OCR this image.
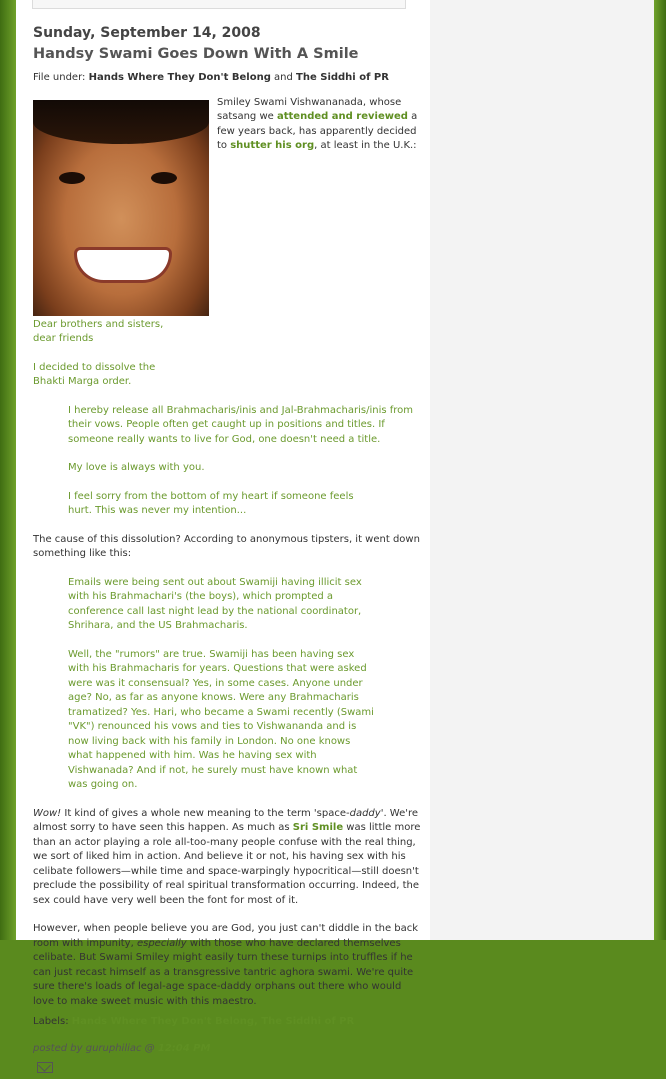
Sunday, September 14, 2008
Handsy Swami Goes Down With A Smile
File under: Hands Where They Don't Belong and The Siddhi of PR

Smiley Swami Vishwananada, whose satsang we attended and reviewed a few years back, has apparently decided to shutter his org, at least in the U.K.:

Dear brothers and sisters, dear friends

I decided to dissolve the Bhakti Marga order.

I hereby release all Brahmacharis/inis and Jal-Brahmacharis/inis from their vows. People often get caught up in positions and titles. If someone really wants to live for God, one doesn't need a title.

My love is always with you.

I feel sorry from the bottom of my heart if someone feels hurt. This was never my intention...

The cause of this dissolution? According to anonymous tipsters, it went down something like this:

Emails were being sent out about Swamiji having illicit sex with his Brahmachari's (the boys), which prompted a conference call last night lead by the national coordinator, Shrihara, and the US Brahmacharis.

Well, the "rumors" are true. Swamiji has been having sex with his Brahmacharis for years. Questions that were asked were was it consensual? Yes, in some cases. Anyone under age? No, as far as anyone knows. Were any Brahmacharis tramatized? Yes. Hari, who became a Swami recently (Swami "VK") renounced his vows and ties to Vishwananda and is now living back with his family in London. No one knows what happened with him. Was he having sex with Vishwanada? And if not, he surely must have known what was going on.

Wow! It kind of gives a whole new meaning to the term 'space-daddy'. We're almost sorry to have seen this happen. As much as Sri Smile was little more than an actor playing a role all-too-many people confuse with the real thing, we sort of liked him in action. And believe it or not, his having sex with his celibate followers—while time and space-warpingly hypocritical—still doesn't preclude the possibility of real spiritual transformation occurring. Indeed, the sex could have very well been the font for most of it.

However, when people believe you are God, you just can't diddle in the back room with impunity, especially with those who have declared themselves celibate. But Swami Smiley might easily turn these turnips into truffles if he can just recast himself as a transgressive tantric aghora swami. We're quite sure there's loads of legal-age space-daddy orphans out there who would love to make sweet music with this maestro.

Labels: Hands Where They Don't Belong, The Siddhi of PR
posted by guruphiliac @ 12:04 PM
